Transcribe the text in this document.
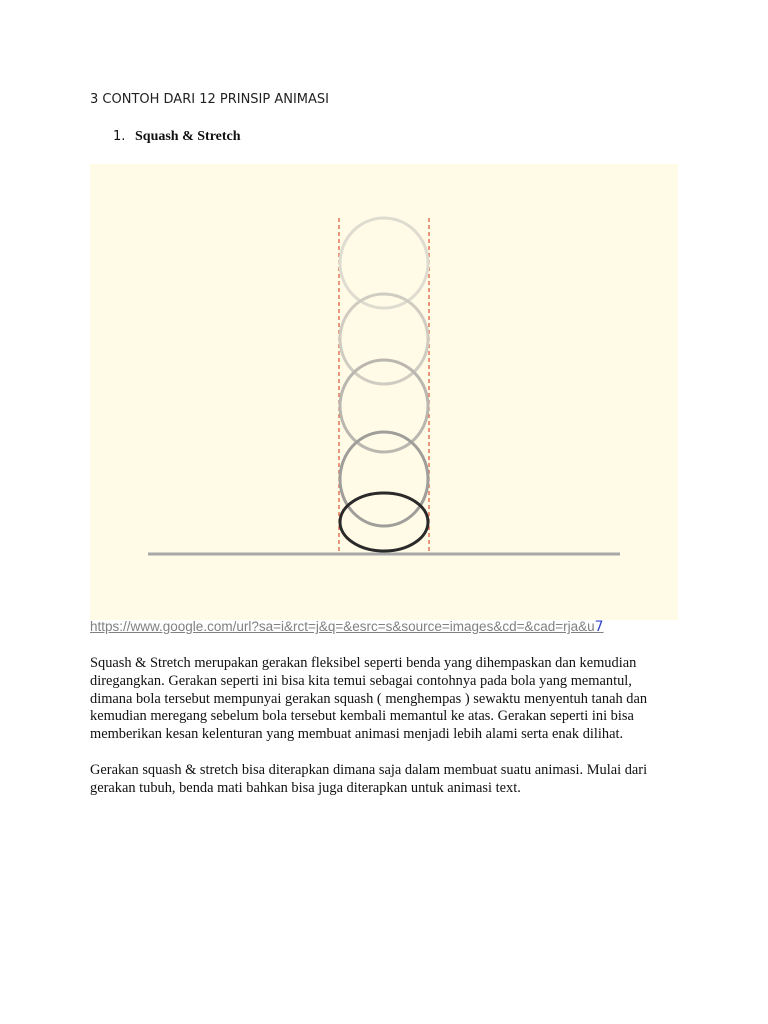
3 CONTOH DARI 12 PRINSIP ANIMASI
1. Squash & Stretch
https://www.google.com/url?sa=i&rct=j&q=&esrc=s&source=images&cd=&cad=rja&u7

Squash & Stretch merupakan gerakan fleksibel seperti benda yang dihempaskan dan kemudian
diregangkan. Gerakan seperti ini bisa kita temui sebagai contohnya pada bola yang memantul,
dimana bola tersebut mempunyai gerakan squash ( menghempas ) sewaktu menyentuh tanah dan
kemudian meregang sebelum bola tersebut kembali memantul ke atas. Gerakan seperti ini bisa
memberikan kesan kelenturan yang membuat animasi menjadi lebih alami serta enak dilihat.

Gerakan squash & stretch bisa diterapkan dimana saja dalam membuat suatu animasi. Mulai dari
gerakan tubuh, benda mati bahkan bisa juga diterapkan untuk animasi text.
